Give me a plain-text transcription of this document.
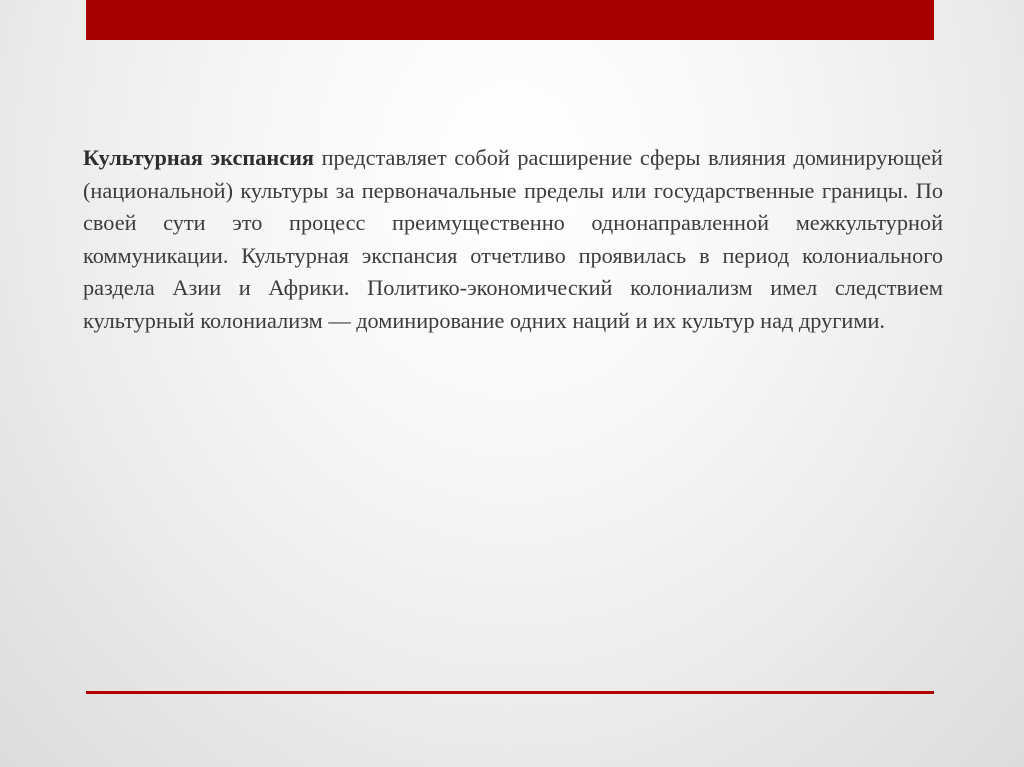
Культурная экспансия представляет собой расширение сферы влияния доминирующей (национальной) культуры за первоначальные пределы или государственные границы. По своей сути это процесс преимущественно однонаправленной межкультурной коммуникации. Культурная экспансия отчетливо проявилась в период колониального раздела Азии и Африки. Политико-экономический колониализм имел следствием культурный колониализм — доминирование одних наций и их культур над другими.
